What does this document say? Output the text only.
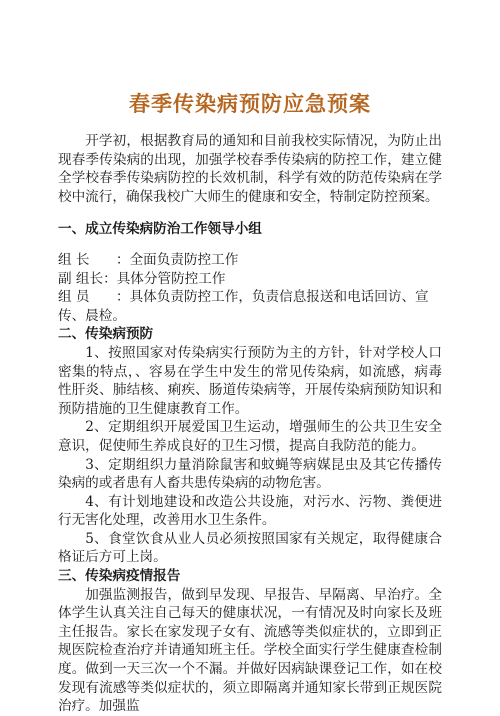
春季传染病预防应急预案

开学初，根据教育局的通知和目前我校实际情况，为防止出现春季传染病的出现，加强学校春季传染病的防控工作，建立健全学校春季传染病防控的长效机制，科学有效的防范传染病在学校中流行，确保我校广大师生的健康和安全，特制定防控预案。

一、成立传染病防治工作领导小组

组 长 ：全面负责防控工作

副 组长：具体分管防控工作

组 员 ：具体负责防控工作，负责信息报送和电话回访、宣传、晨检。

二、传染病预防

1、按照国家对传染病实行预防为主的方针，针对学校人口密集的特点，、容易在学生中发生的常见传染病，如流感，病毒性肝炎、肺结核、痢疾、肠道传染病等，开展传染病预防知识和预防措施的卫生健康教育工作。

2、定期组织开展爱国卫生运动，增强师生的公共卫生安全意识，促使师生养成良好的卫生习惯，提高自我防范的能力。

3、定期组织力量消除鼠害和蚊蝇等病媒昆虫及其它传播传染病的或者患有人畜共患传染病的动物危害。

4、有计划地建设和改造公共设施，对污水、污物、粪便进行无害化处理，改善用水卫生条件。

5、食堂饮食从业人员必须按照国家有关规定，取得健康合格证后方可上岗。

三、传染病疫情报告

加强监测报告，做到早发现、早报告、早隔离、早治疗。全体学生认真关注自己每天的健康状况，一有情况及时向家长及班主任报告。家长在家发现子女有、流感等类似症状的，立即到正规医院检查治疗并请通知班主任。学校全面实行学生健康查检制度。做到一天三次一个不漏。并做好因病缺课登记工作，如在校发现有流感等类似症状的，须立即隔离并通知家长带到正规医院治疗。加强监
